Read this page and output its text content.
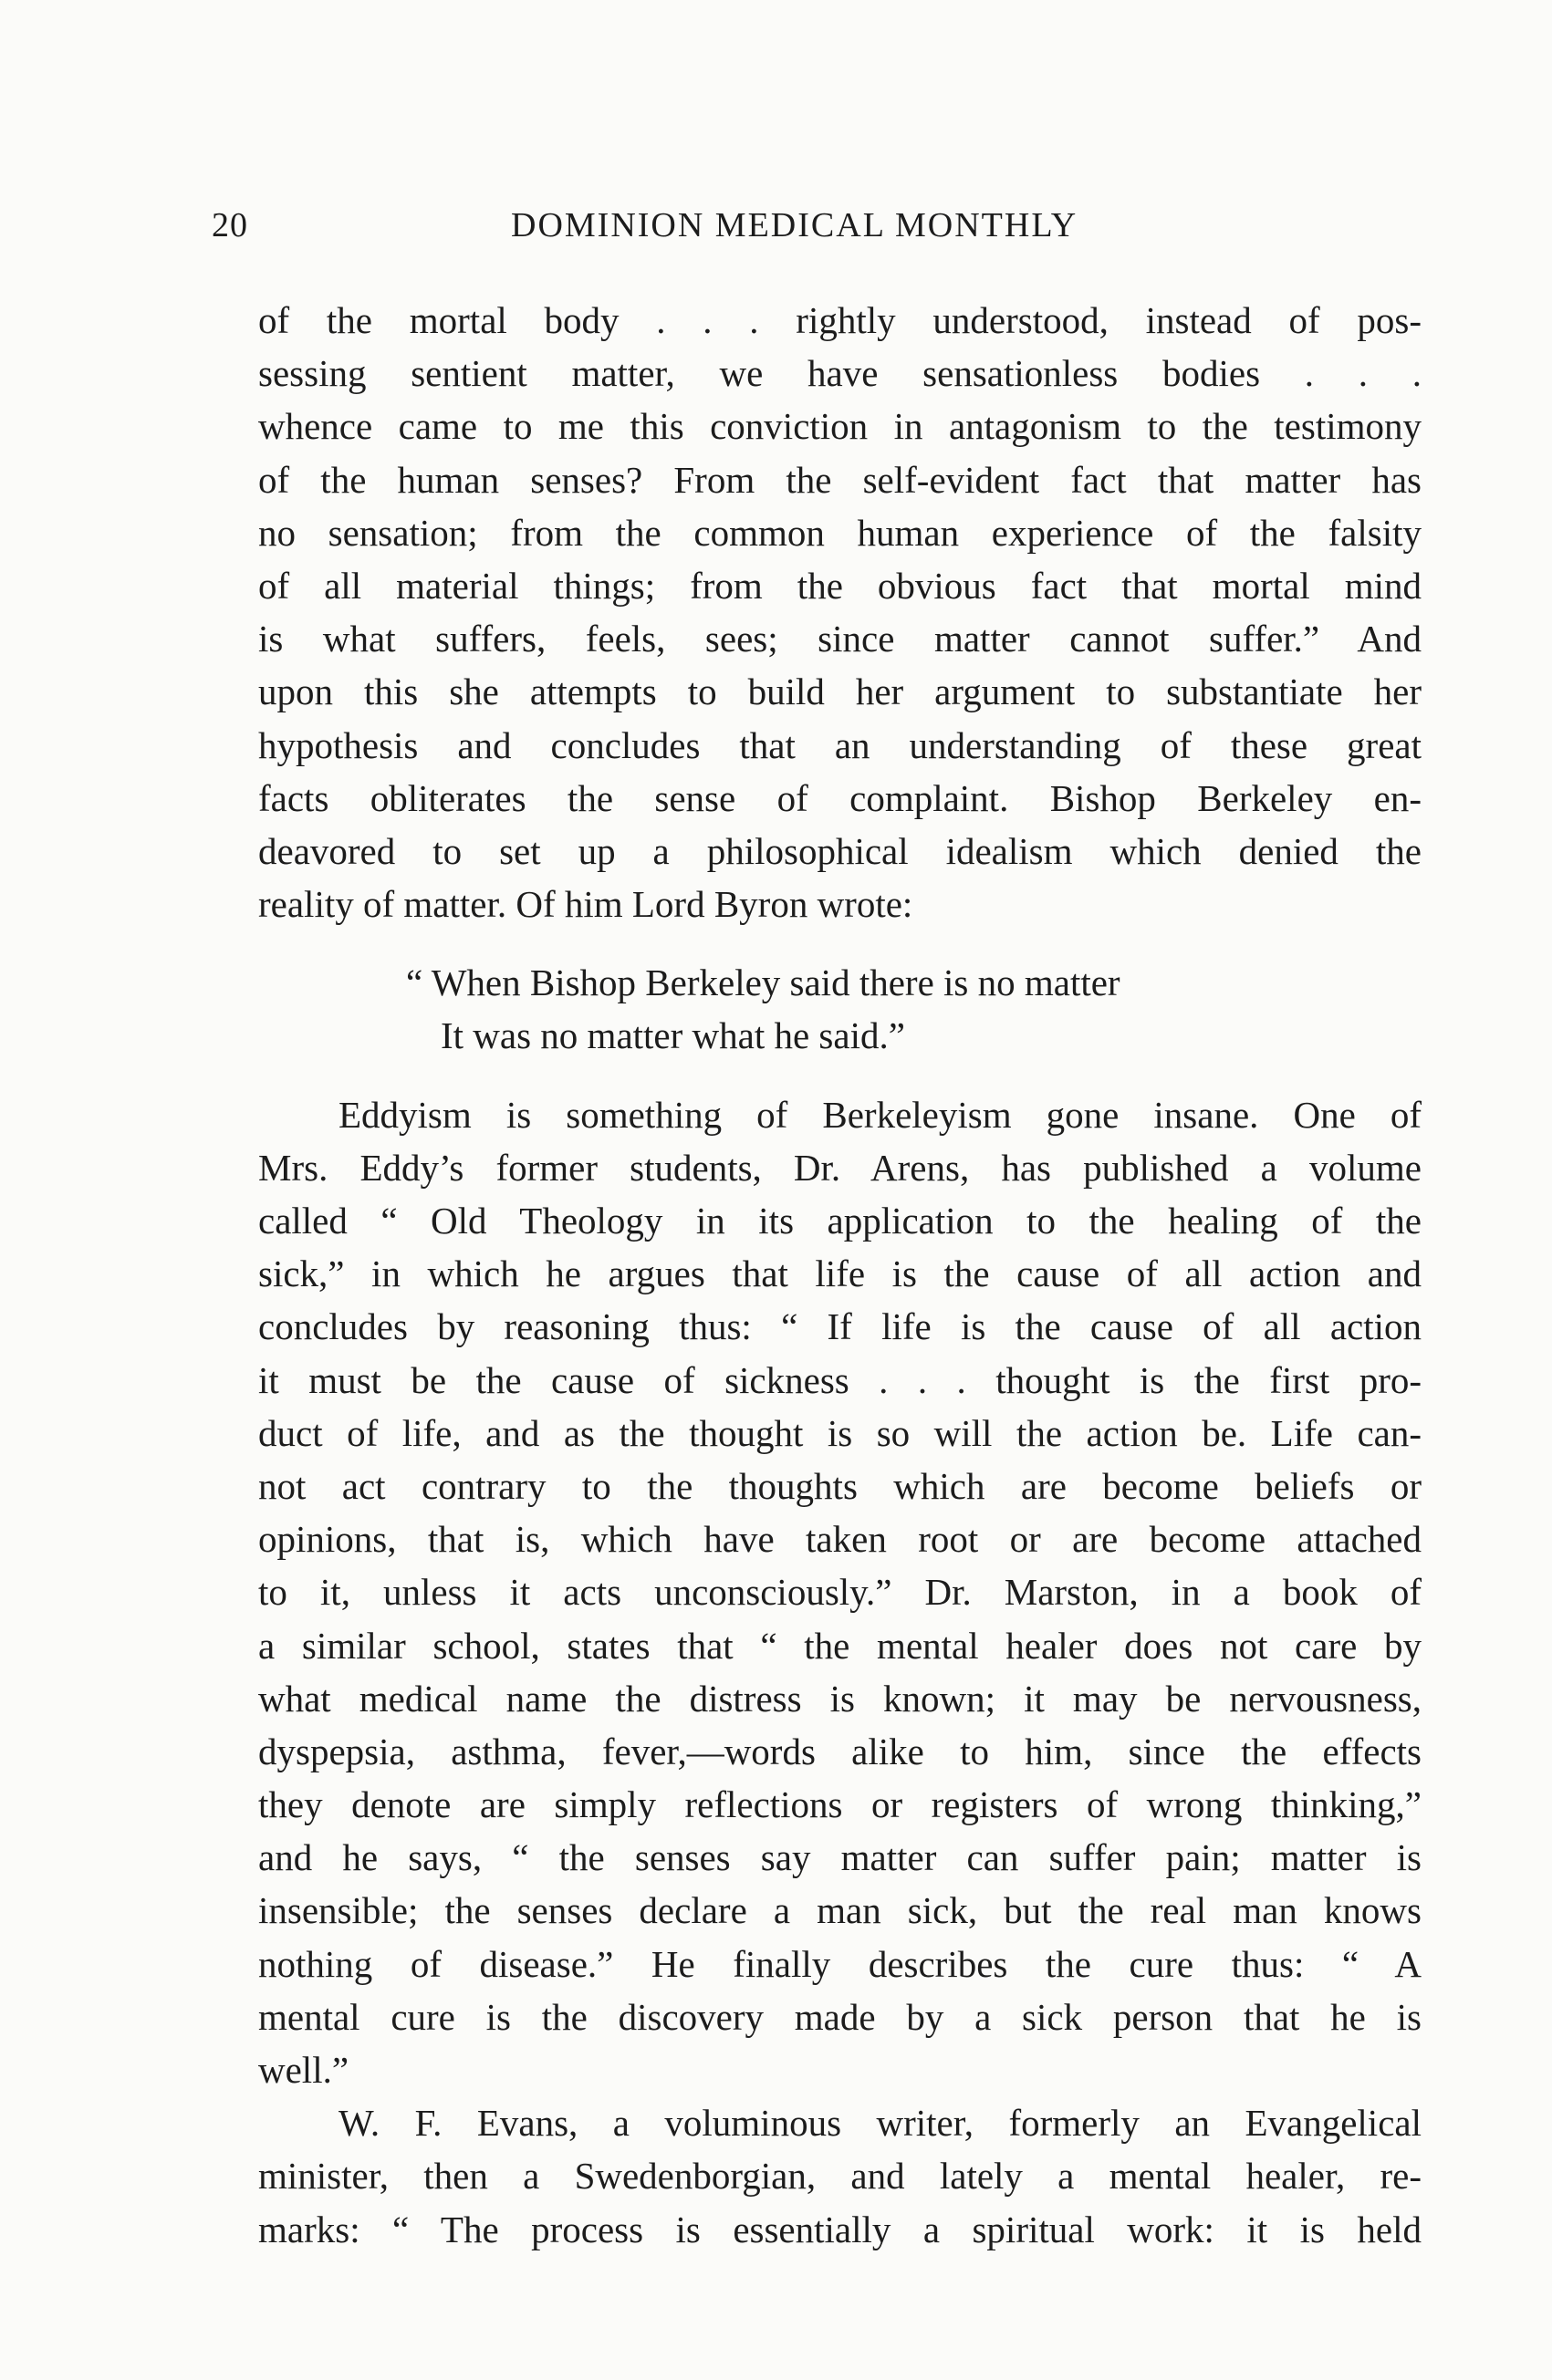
20	DOMINION MEDICAL MONTHLY
of the mortal body . . . rightly understood, instead of pos-
sessing sentient matter, we have sensationless bodies . . .
whence came to me this conviction in antagonism to the testimony
of the human senses? From the self-evident fact that matter has
no sensation; from the common human experience of the falsity
of all material things; from the obvious fact that mortal mind
is what suffers, feels, sees; since matter cannot suffer.” And
upon this she attempts to build her argument to substantiate her
hypothesis and concludes that an understanding of these great
facts obliterates the sense of complaint. Bishop Berkeley en-
deavored to set up a philosophical idealism which denied the
reality of matter. Of him Lord Byron wrote:
“ When Bishop Berkeley said there is no matter
It was no matter what he said.”
Eddyism is something of Berkeleyism gone insane. One of
Mrs. Eddy’s former students, Dr. Arens, has published a volume
called “ Old Theology in its application to the healing of the
sick,” in which he argues that life is the cause of all action and
concludes by reasoning thus: “ If life is the cause of all action
it must be the cause of sickness . . . thought is the first pro-
duct of life, and as the thought is so will the action be. Life can-
not act contrary to the thoughts which are become beliefs or
opinions, that is, which have taken root or are become attached
to it, unless it acts unconsciously.” Dr. Marston, in a book of
a similar school, states that “ the mental healer does not care by
what medical name the distress is known; it may be nervousness,
dyspepsia, asthma, fever,—words alike to him, since the effects
they denote are simply reflections or registers of wrong thinking,”
and he says, “ the senses say matter can suffer pain; matter is
insensible; the senses declare a man sick, but the real man knows
nothing of disease.” He finally describes the cure thus: “ A
mental cure is the discovery made by a sick person that he is
well.”
W. F. Evans, a voluminous writer, formerly an Evangelical
minister, then a Swedenborgian, and lately a mental healer, re-
marks: “ The process is essentially a spiritual work: it is held
